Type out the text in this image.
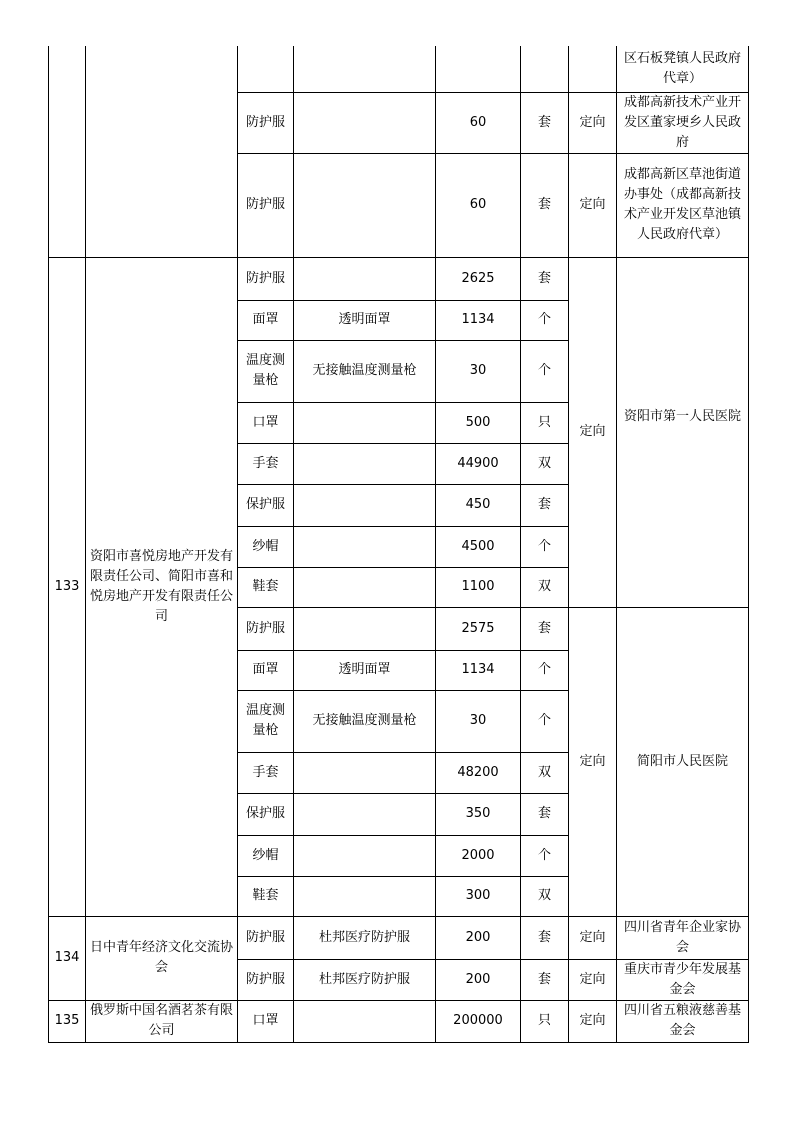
							区石板凳镇人民政府代章）
		防护服		60	套	定向	成都高新技术产业开发区董家埂乡人民政府
		防护服		60	套	定向	成都高新区草池街道办事处（成都高新技术产业开发区草池镇人民政府代章）
133	资阳市喜悦房地产开发有限责任公司、简阳市喜和悦房地产开发有限责任公司	防护服		2625	套	定向	资阳市第一人民医院
		面罩	透明面罩	1134	个		
		温度测量枪	无接触温度测量枪	30	个		
		口罩		500	只		
		手套		44900	双		
		保护服		450	套		
		纱帽		4500	个		
		鞋套		1100	双		
		防护服		2575	套	定向	简阳市人民医院
		面罩	透明面罩	1134	个		
		温度测量枪	无接触温度测量枪	30	个		
		手套		48200	双		
		保护服		350	套		
		纱帽		2000	个		
		鞋套		300	双		
134	日中青年经济文化交流协会	防护服	杜邦医疗防护服	200	套	定向	四川省青年企业家协会
		防护服	杜邦医疗防护服	200	套	定向	重庆市青少年发展基金会
135	俄罗斯中国名酒茗茶有限公司	口罩		200000	只	定向	四川省五粮液慈善基金会
